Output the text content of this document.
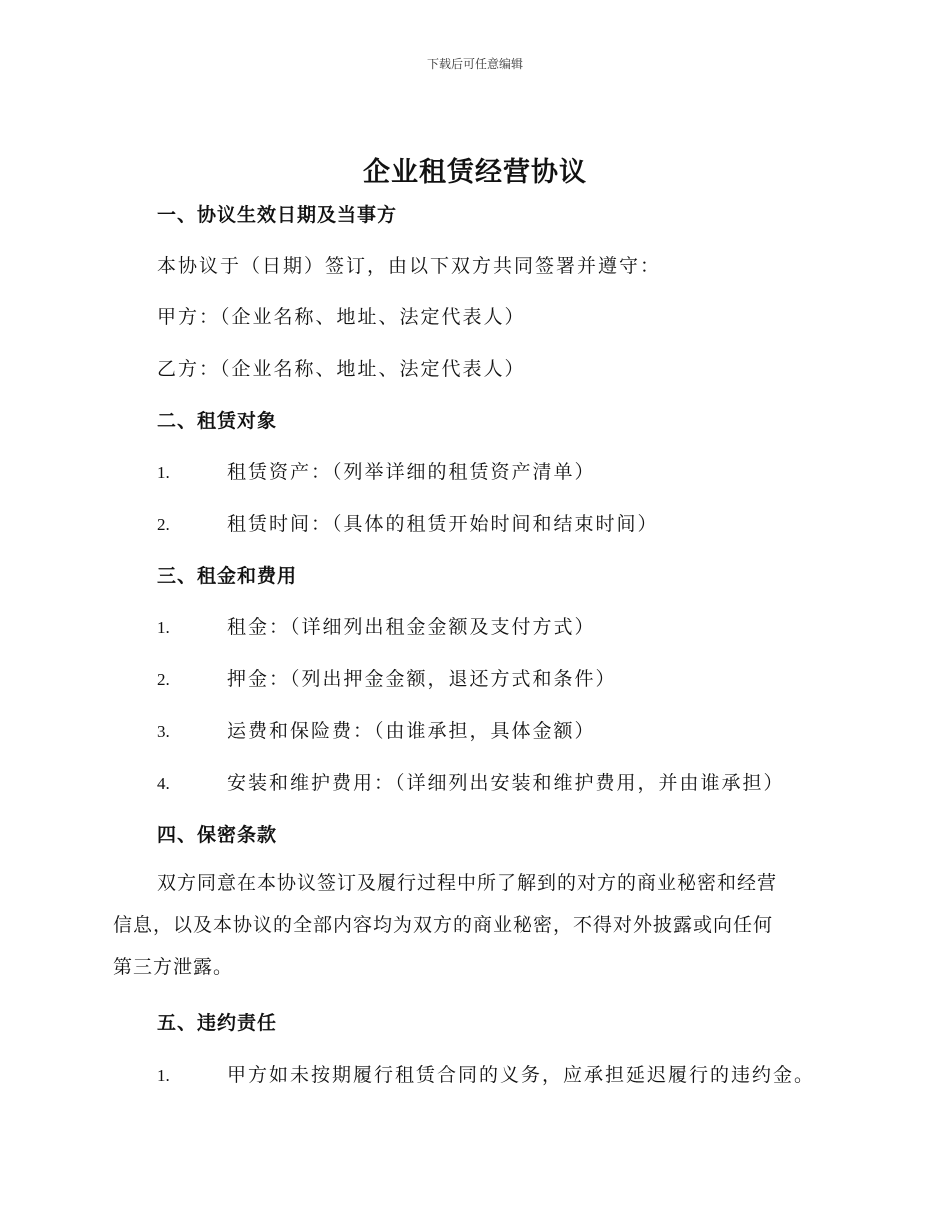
下载后可任意编辑
企业租赁经营协议
一、协议生效日期及当事方
本协议于（日期）签订，由以下双方共同签署并遵守：
甲方：（企业名称、地址、法定代表人）
乙方：（企业名称、地址、法定代表人）
二、租赁对象
1.	租赁资产：（列举详细的租赁资产清单）
2.	租赁时间：（具体的租赁开始时间和结束时间）
三、租金和费用
1.	租金：（详细列出租金金额及支付方式）
2.	押金：（列出押金金额，退还方式和条件）
3.	运费和保险费：（由谁承担，具体金额）
4.	安装和维护费用：（详细列出安装和维护费用，并由谁承担）
四、保密条款
双方同意在本协议签订及履行过程中所了解到的对方的商业秘密和经营
信息，以及本协议的全部内容均为双方的商业秘密，不得对外披露或向任何
第三方泄露。
五、违约责任
1.	甲方如未按期履行租赁合同的义务，应承担延迟履行的违约金。
